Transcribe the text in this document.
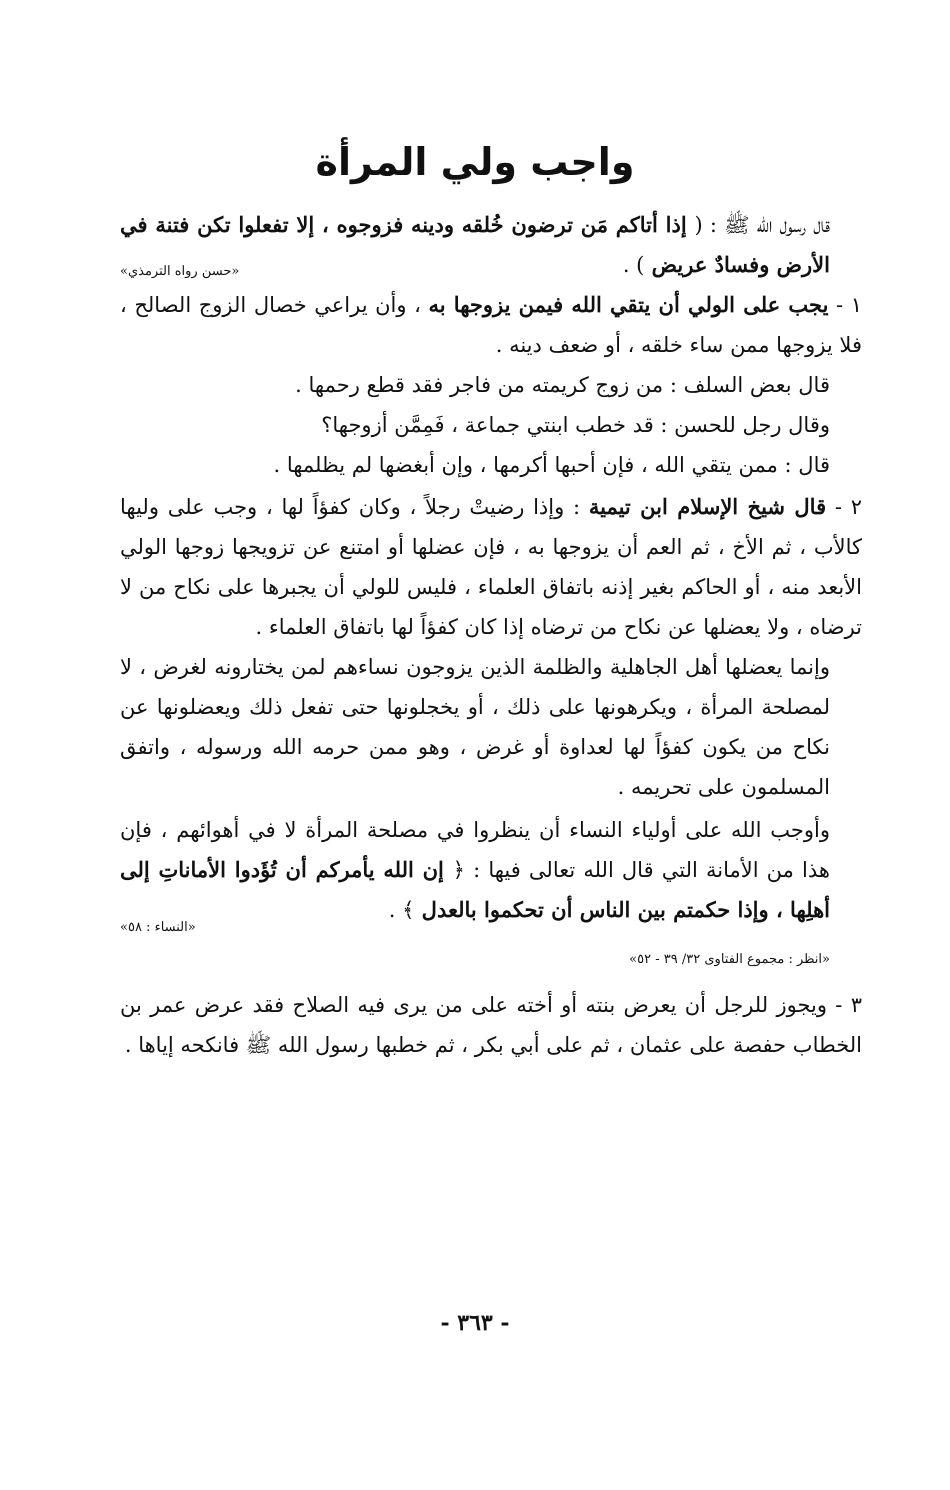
واجب ولي المرأة
قال رسول الله ﷺ : ( إذا أتاكم مَن ترضون خُلقه ودينه فزوجوه ، إلا تفعلوا تكن فتنة في الأرض وفسادٌ عريض ) .
«حسن رواه الترمذي»
١ - يجب على الولي أن يتقي الله فيمن يزوجها به ، وأن يراعي خصال الزوج الصالح ، فلا يزوجها ممن ساء خلقه ، أو ضعف دينه .
قال بعض السلف : من زوج كريمته من فاجر فقد قطع رحمها .
وقال رجل للحسن : قد خطب ابنتي جماعة ، فَمِمَّن أزوجها؟
قال : ممن يتقي الله ، فإن أحبها أكرمها ، وإن أبغضها لم يظلمها .
٢ - قال شيخ الإسلام ابن تيمية : وإذا رضيتْ رجلاً ، وكان كفؤاً لها ، وجب على وليها كالأب ، ثم الأخ ، ثم العم أن يزوجها به ، فإن عضلها أو امتنع عن تزويجها زوجها الولي الأبعد منه ، أو الحاكم بغير إذنه باتفاق العلماء ، فليس للولي أن يجبرها على نكاح من لا ترضاه ، ولا يعضلها عن نكاح من ترضاه إذا كان كفؤاً لها باتفاق العلماء .
وإنما يعضلها أهل الجاهلية والظلمة الذين يزوجون نساءهم لمن يختارونه لغرض ، لا لمصلحة المرأة ، ويكرهونها على ذلك ، أو يخجلونها حتى تفعل ذلك ويعضلونها عن نكاح من يكون كفؤاً لها لعداوة أو غرض ، وهو ممن حرمه الله ورسوله ، واتفق المسلمون على تحريمه .
وأوجب الله على أولياء النساء أن ينظروا في مصلحة المرأة لا في أهوائهم ، فإن هذا من الأمانة التي قال الله تعالى فيها : ﴿ إن الله يأمركم أن تُؤَدوا الأماناتِ إلى أهلِها ، وإذا حكمتم بين الناس أن تحكموا بالعدل ﴾ .
«النساء : ٥٨»
«انظر : مجموع الفتاوى ٣٢/ ٣٩ - ٥٢»
٣ - ويجوز للرجل أن يعرض بنته أو أخته على من يرى فيه الصلاح فقد عرض عمر بن الخطاب حفصة على عثمان ، ثم على أبي بكر ، ثم خطبها رسول الله ﷺ فانكحه إياها .
- ٣٦٣ -
